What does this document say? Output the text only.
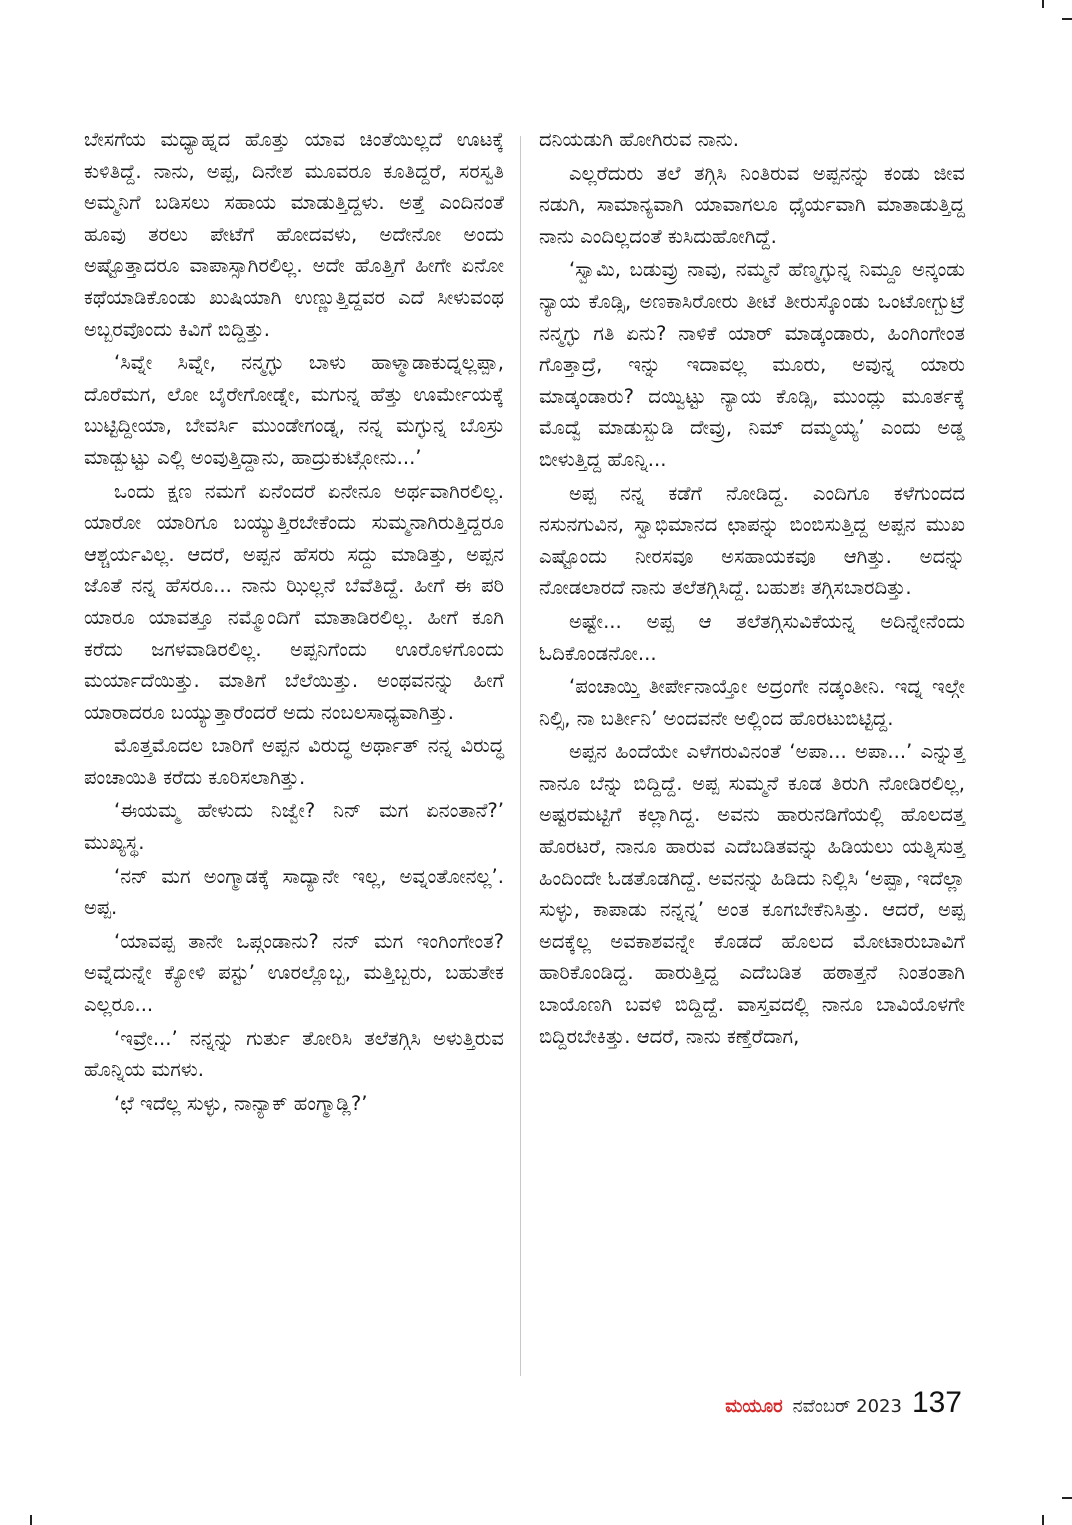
ಬೇಸಗೆಯ ಮಧ್ಯಾಹ್ನದ ಹೊತ್ತು ಯಾವ ಚಿಂತೆಯಿಲ್ಲದೆ ಊಟಕ್ಕೆ ಕುಳಿತಿದ್ದೆ. ನಾನು, ಅಪ್ಪ, ದಿನೇಶ ಮೂವರೂ ಕೂತಿದ್ದರೆ, ಸರಸ್ವತಿ ಅಮ್ಮನಿಗೆ ಬಡಿಸಲು ಸಹಾಯ ಮಾಡುತ್ತಿದ್ದಳು. ಅತ್ತೆ ಎಂದಿನಂತೆ ಹೂವು ತರಲು ಪೇಟೆಗೆ ಹೋದವಳು, ಅದೇನೋ ಅಂದು ಅಷ್ಟೊತ್ತಾದರೂ ವಾಪಾಸ್ಸಾಗಿರಲಿಲ್ಲ. ಅದೇ ಹೊತ್ತಿಗೆ ಹೀಗೇ ಏನೋ ಕಥೆಯಾಡಿಕೊಂಡು ಖುಷಿಯಾಗಿ ಉಣ್ಣುತ್ತಿದ್ದವರ ಎದೆ ಸೀಳುವಂಥ ಅಬ್ಬರವೊಂದು ಕಿವಿಗೆ ಬಿದ್ದಿತ್ತು.

‘ಸಿವ್ನೇ ಸಿವ್ನೇ, ನನ್ಮಗ್ಳು ಬಾಳು ಹಾಳ್ಮಾಡಾಕುದ್ನಲ್ಲಪ್ಪಾ, ದೊರೆಮಗ, ಲೋ ಬೈರೇಗೋಡ್ನೇ, ಮಗುನ್ನ ಹೆತ್ತು ಊರ್ಮೇಯಕ್ಕೆ ಬುಟ್ಟಿದ್ದೀಯಾ, ಬೇವರ್ಸಿ ಮುಂಡೇಗಂಡ್ನ, ನನ್ನ ಮಗ್ಳುನ್ನ ಬೊಸ್ರು ಮಾಡ್ಬುಟ್ಟು ಎಲ್ಲಿ ಅಂವುತ್ತಿದ್ದಾನು, ಹಾದ್ರುಕುಟ್ಗೋನು...’

ಒಂದು ಕ್ಷಣ ನಮಗೆ ಏನೆಂದರೆ ಏನೇನೂ ಅರ್ಥವಾಗಿರಲಿಲ್ಲ. ಯಾರೋ ಯಾರಿಗೂ ಬಯ್ಯುತ್ತಿರಬೇಕೆಂದು ಸುಮ್ಮನಾಗಿರುತ್ತಿದ್ದರೂ ಆಶ್ಚರ್ಯವಿಲ್ಲ. ಆದರೆ, ಅಪ್ಪನ ಹೆಸರು ಸದ್ದು ಮಾಡಿತ್ತು, ಅಪ್ಪನ ಜೊತೆ ನನ್ನ ಹೆಸರೂ... ನಾನು ಝಿಲ್ಲನೆ ಬೆವೆತಿದ್ದೆ. ಹೀಗೆ ಈ ಪರಿ ಯಾರೂ ಯಾವತ್ತೂ ನಮ್ಮೊಂದಿಗೆ ಮಾತಾಡಿರಲಿಲ್ಲ. ಹೀಗೆ ಕೂಗಿ ಕರೆದು ಜಗಳವಾಡಿರಲಿಲ್ಲ. ಅಪ್ಪನಿಗೆಂದು ಊರೊಳಗೊಂದು ಮರ್ಯಾದೆಯಿತ್ತು. ಮಾತಿಗೆ ಬೆಲೆಯಿತ್ತು. ಅಂಥವನನ್ನು ಹೀಗೆ ಯಾರಾದರೂ ಬಯ್ಯುತ್ತಾರೆಂದರೆ ಅದು ನಂಬಲಸಾಧ್ಯವಾಗಿತ್ತು.

ಮೊತ್ತಮೊದಲ ಬಾರಿಗೆ ಅಪ್ಪನ ವಿರುದ್ಧ ಅರ್ಥಾತ್ ನನ್ನ ವಿರುದ್ಧ ಪಂಚಾಯಿತಿ ಕರೆದು ಕೂರಿಸಲಾಗಿತ್ತು.

‘ಈಯಮ್ಮ ಹೇಳುದು ನಿಜ್ವೇ? ನಿನ್ ಮಗ ಏನಂತಾನೆ?’ ಮುಖ್ಯಸ್ಥ.

‘ನನ್ ಮಗ ಅಂಗ್ಮಾಡಕ್ಕೆ ಸಾದ್ಯಾನೇ ಇಲ್ಲ, ಅವ್ನಂತೋನಲ್ಲ’. ಅಪ್ಪ.

‘ಯಾವಪ್ಪ ತಾನೇ ಒಪ್ಗಂಡಾನು? ನನ್ ಮಗ ಇಂಗಿಂಗೇಂತ? ಅವ್ನೆದುನ್ನೇ ಕ್ಯೋಳಿ ಪಸ್ಟು’ ಊರಲ್ಲೊಬ್ಬ, ಮತ್ತಿಬ್ಬರು, ಬಹುತೇಕ ಎಲ್ಲರೂ...

‘ಇವ್ರೇ...’ ನನ್ನನ್ನು ಗುರ್ತು ತೋರಿಸಿ ತಲೆತಗ್ಗಿಸಿ ಅಳುತ್ತಿರುವ ಹೊನ್ನಿಯ ಮಗಳು.

‘ಛೆ ಇದೆಲ್ಲ ಸುಳ್ಳು, ನಾನ್ಯಾಕ್ ಹಂಗ್ಮಾಡ್ಲಿ?’

ದನಿಯಡುಗಿ ಹೋಗಿರುವ ನಾನು.

ಎಲ್ಲರೆದುರು ತಲೆ ತಗ್ಗಿಸಿ ನಿಂತಿರುವ ಅಪ್ಪನನ್ನು ಕಂಡು ಜೀವ ನಡುಗಿ, ಸಾಮಾನ್ಯವಾಗಿ ಯಾವಾಗಲೂ ಧೈರ್ಯವಾಗಿ ಮಾತಾಡುತ್ತಿದ್ದ ನಾನು ಎಂದಿಲ್ಲದಂತೆ ಕುಸಿದುಹೋಗಿದ್ದೆ.

‘ಸ್ವಾಮಿ, ಬಡುವ್ರು ನಾವು, ನಮ್ಮನೆ ಹೆಣ್ಮಗ್ಳುನ್ನ ನಿಮ್ದೂ ಅನ್ಕಂಡು ನ್ಯಾಯ ಕೊಡ್ಸಿ, ಅಣಕಾಸಿರೋರು ತೀಟೆ ತೀರುಸ್ಕೊಂಡು ಒಂಟೋಗ್ಬುಟ್ರೆ ನನ್ಮಗ್ಳು ಗತಿ ಏನು? ನಾಳಿಕೆ ಯಾರ್ ಮಾಡ್ಕಂಡಾರು, ಹಿಂಗಿಂಗೇಂತ ಗೊತ್ತಾದ್ರೆ, ಇನ್ನು ಇದಾವಲ್ಲ ಮೂರು, ಅವುನ್ನ ಯಾರು ಮಾಡ್ಕಂಡಾರು? ದಯ್ವಿಟ್ಟು ನ್ಯಾಯ ಕೊಡ್ಸಿ, ಮುಂದ್ಲು ಮೂರ್ತಕ್ಕೆ ಮೊದ್ವೆ ಮಾಡುಸ್ಬುಡಿ ದೇವ್ರು, ನಿಮ್ ದಮ್ಮಯ್ಯ’ ಎಂದು ಅಡ್ಡ ಬೀಳುತ್ತಿದ್ದ ಹೊನ್ನಿ...

ಅಪ್ಪ ನನ್ನ ಕಡೆಗೆ ನೋಡಿದ್ದ. ಎಂದಿಗೂ ಕಳೆಗುಂದದ ನಸುನಗುವಿನ, ಸ್ವಾಭಿಮಾನದ ಛಾಪನ್ನು ಬಿಂಬಿಸುತ್ತಿದ್ದ ಅಪ್ಪನ ಮುಖ ಎಷ್ಟೊಂದು ನೀರಸವೂ ಅಸಹಾಯಕವೂ ಆಗಿತ್ತು. ಅದನ್ನು ನೋಡಲಾರದೆ ನಾನು ತಲೆತಗ್ಗಿಸಿದ್ದೆ. ಬಹುಶಃ ತಗ್ಗಿಸಬಾರದಿತ್ತು.

ಅಷ್ಟೇ... ಅಪ್ಪ ಆ ತಲೆತಗ್ಗಿಸುವಿಕೆಯನ್ನ ಅದಿನ್ನೇನೆಂದು ಓದಿಕೊಂಡನೋ...

‘ಪಂಚಾಯ್ತಿ ತೀರ್ಪೇನಾಯ್ತೋ ಅದ್ರಂಗೇ ನಡ್ಕಂತೀನಿ. ಇದ್ನ ಇಲ್ಗೇ ನಿಲ್ಸಿ, ನಾ ಬರ್ತೀನಿ’ ಅಂದವನೇ ಅಲ್ಲಿಂದ ಹೊರಟುಬಿಟ್ಟಿದ್ದ.

ಅಪ್ಪನ ಹಿಂದೆಯೇ ಎಳೆಗರುವಿನಂತೆ ‘ಅಪಾ... ಅಪಾ...’ ಎನ್ನುತ್ತ ನಾನೂ ಬೆನ್ನು ಬಿದ್ದಿದ್ದೆ. ಅಪ್ಪ ಸುಮ್ಮನೆ ಕೂಡ ತಿರುಗಿ ನೋಡಿರಲಿಲ್ಲ, ಅಷ್ಟರಮಟ್ಟಿಗೆ ಕಲ್ಲಾಗಿದ್ದ. ಅವನು ಹಾರುನಡಿಗೆಯಲ್ಲಿ ಹೊಲದತ್ತ ಹೊರಟರೆ, ನಾನೂ ಹಾರುವ ಎದೆಬಡಿತವನ್ನು ಹಿಡಿಯಲು ಯತ್ನಿಸುತ್ತ ಹಿಂದಿಂದೇ ಓಡತೊಡಗಿದ್ದೆ. ಅವನನ್ನು ಹಿಡಿದು ನಿಲ್ಲಿಸಿ ‘ಅಪ್ಪಾ, ಇದೆಲ್ಲಾ ಸುಳ್ಳು, ಕಾಪಾಡು ನನ್ನನ್ನ’ ಅಂತ ಕೂಗಬೇಕೆನಿಸಿತ್ತು. ಆದರೆ, ಅಪ್ಪ ಅದಕ್ಕೆಲ್ಲ ಅವಕಾಶವನ್ನೇ ಕೊಡದೆ ಹೊಲದ ಮೋಟಾರುಬಾವಿಗೆ ಹಾರಿಕೊಂಡಿದ್ದ. ಹಾರುತ್ತಿದ್ದ ಎದೆಬಡಿತ ಹಠಾತ್ತನೆ ನಿಂತಂತಾಗಿ ಬಾಯೊಣಗಿ ಬವಳಿ ಬಿದ್ದಿದ್ದೆ. ವಾಸ್ತವದಲ್ಲಿ ನಾನೂ ಬಾವಿಯೊಳಗೇ ಬಿದ್ದಿರಬೇಕಿತ್ತು. ಆದರೆ, ನಾನು ಕಣ್ತೆರೆದಾಗ,

ಮಯೂರ ನವೆಂಬರ್ 2023 137
